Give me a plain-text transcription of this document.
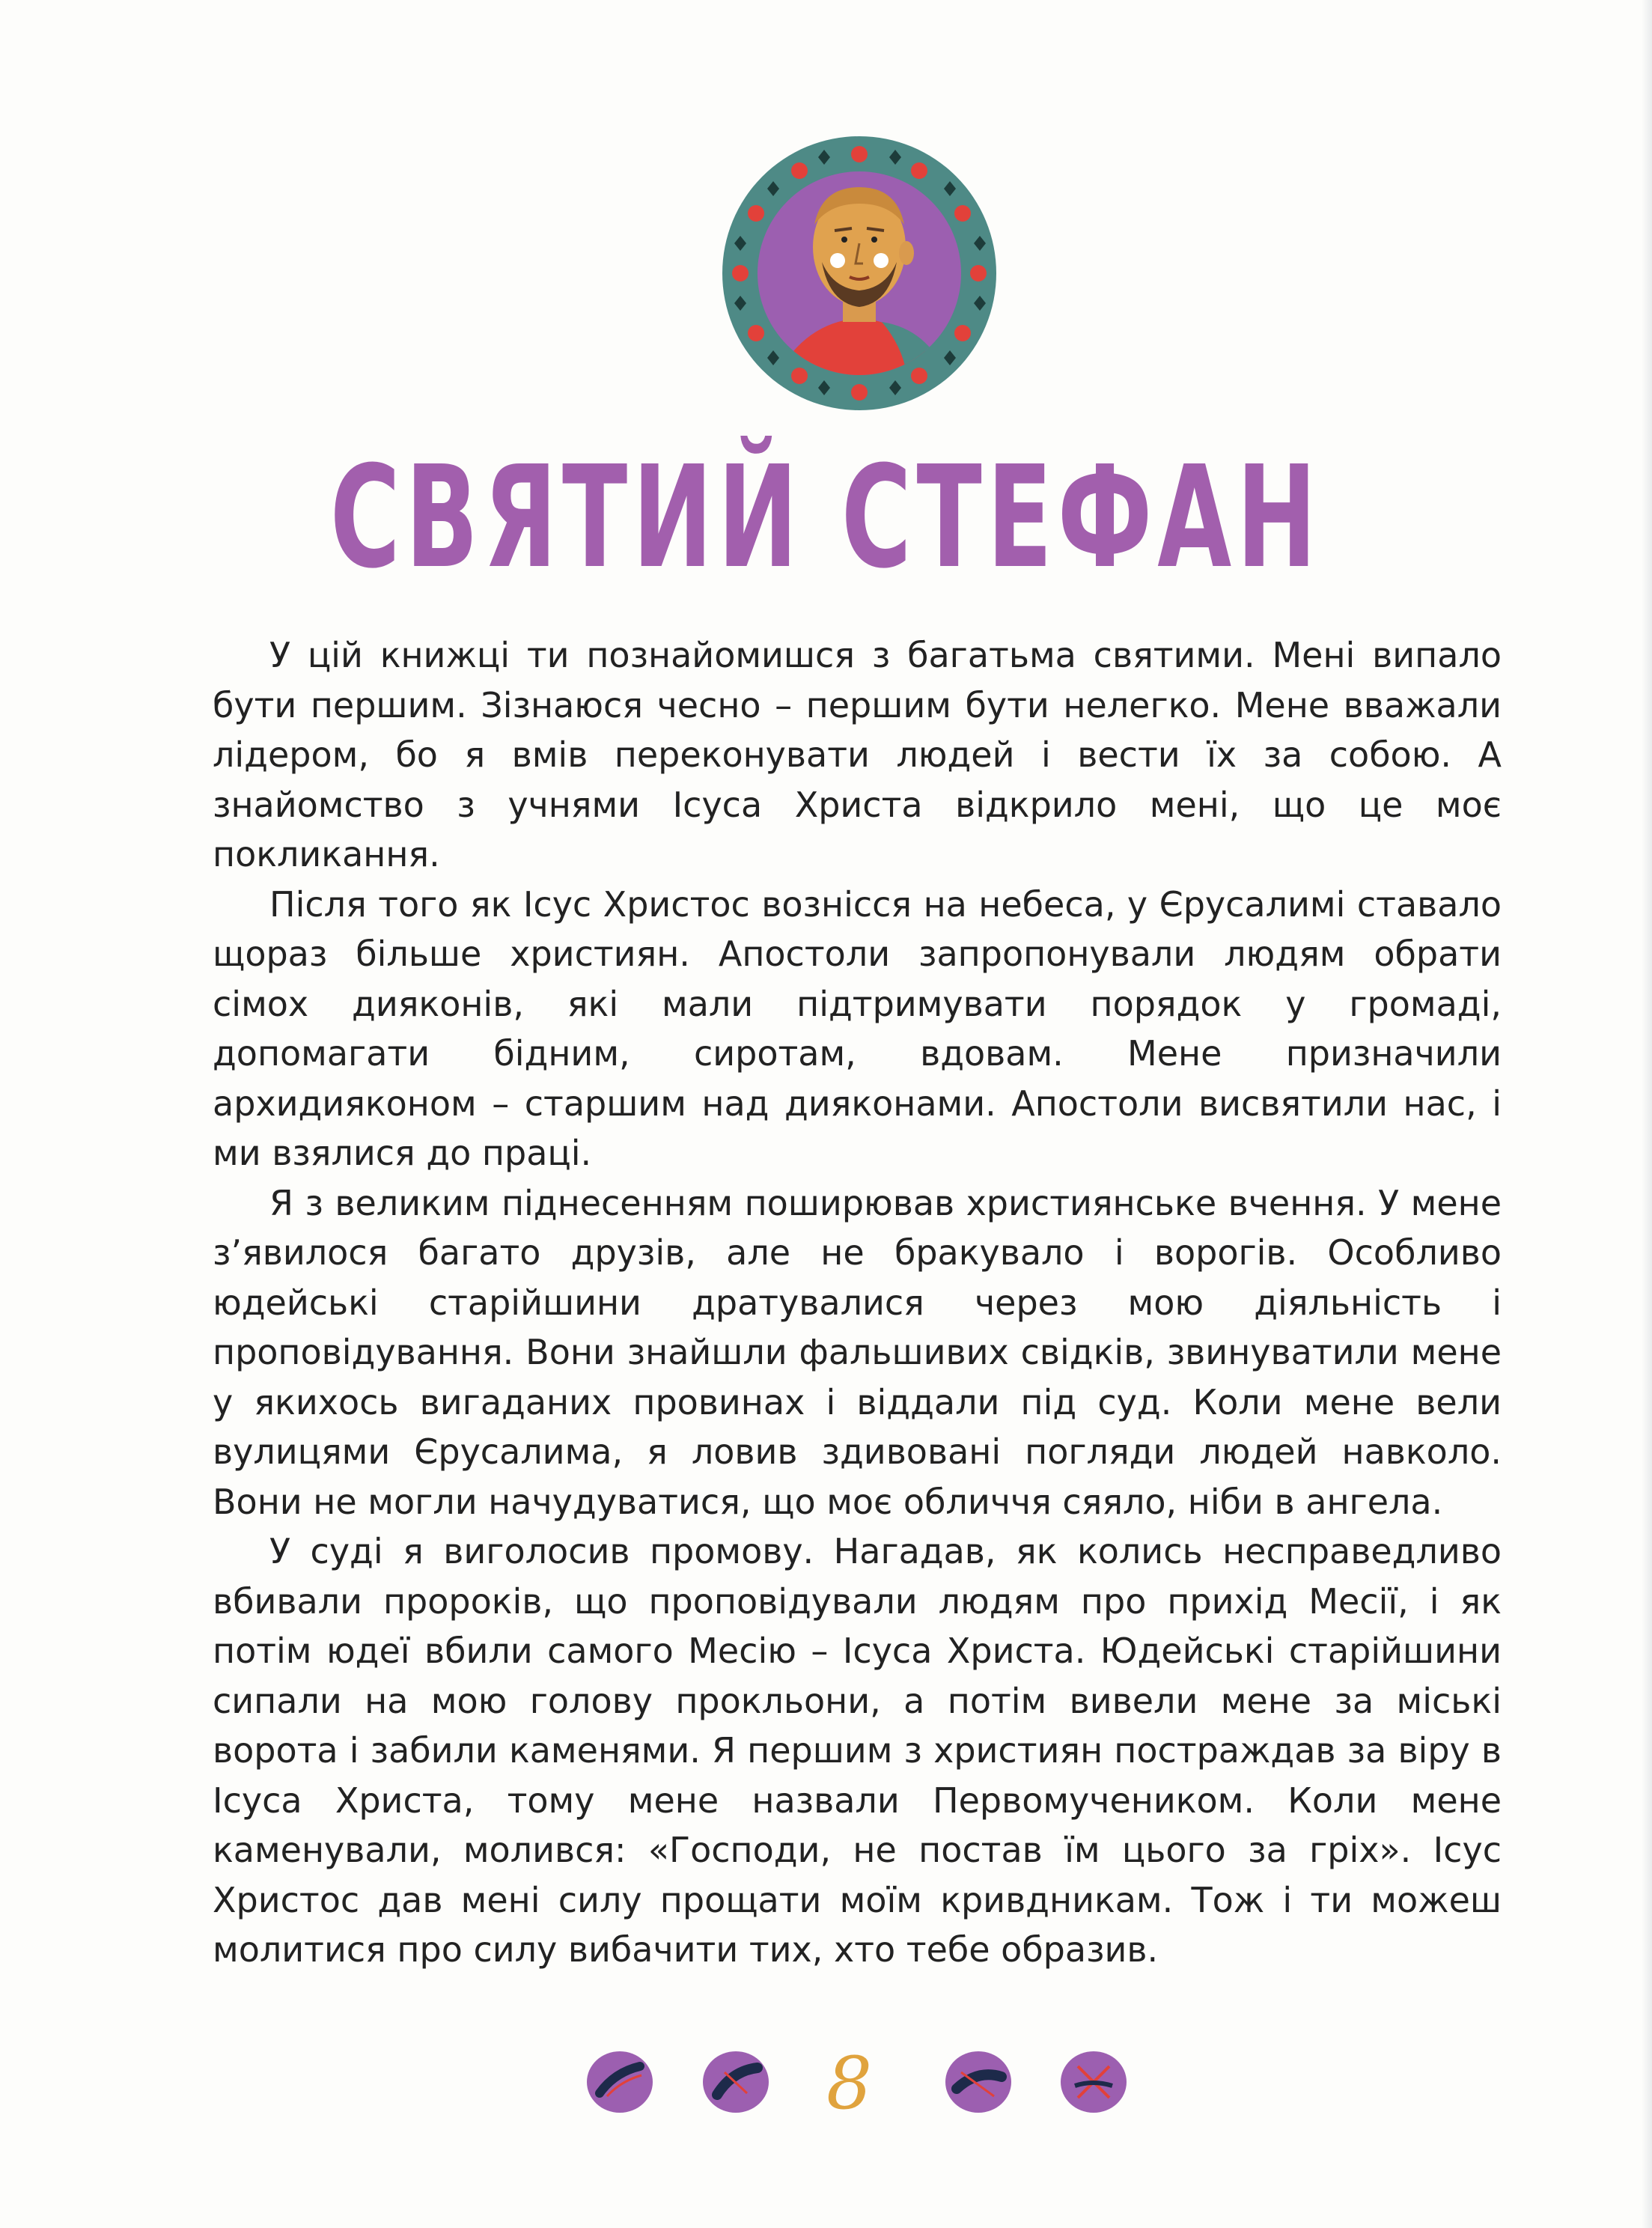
СВЯТИЙ СТЕФАН

У цій книжці ти познайомишся з багатьма святими. Мені випало бути першим. Зізнаюся чесно – першим бути нелегко. Мене вважали лідером, бо я вмів переконувати людей і вести їх за собою. А знайомство з учнями Ісуса Христа відкрило мені, що це моє покликання.

Після того як Ісус Христос вознісся на небеса, у Єрусалимі ставало щораз більше християн. Апостоли запропонували людям обрати сімох дияконів, які мали підтримувати порядок у громаді, допомагати бідним, сиротам, вдовам. Мене призначили архидияконом – старшим над дияконами. Апостоли висвятили нас, і ми взялися до праці.

Я з великим піднесенням поширював християнське вчення. У мене з’явилося багато друзів, але не бракувало і ворогів. Особливо юдейські старійшини дратувалися через мою діяльність і проповідування. Вони знайшли фальшивих свідків, звинуватили мене у якихось вигаданих провинах і віддали під суд. Коли мене вели вулицями Єрусалима, я ловив здивовані погляди людей навколо. Вони не могли начудуватися, що моє обличчя сяяло, ніби в ангела.

У суді я виголосив промову. Нагадав, як колись несправедливо вбивали пророків, що проповідували людям про прихід Месії, і як потім юдеї вбили самого Месію – Ісуса Христа. Юдейські старійшини сипали на мою голову прокльони, а потім вивели мене за міські ворота і забили каменями. Я першим з християн постраждав за віру в Ісуса Христа, тому мене назвали Первомучеником. Коли мене каменували, молився: «Господи, не постав їм цього за гріх». Ісус Христос дав мені силу прощати моїм кривдникам. Тож і ти можеш молитися про силу вибачити тих, хто тебе образив.

8
